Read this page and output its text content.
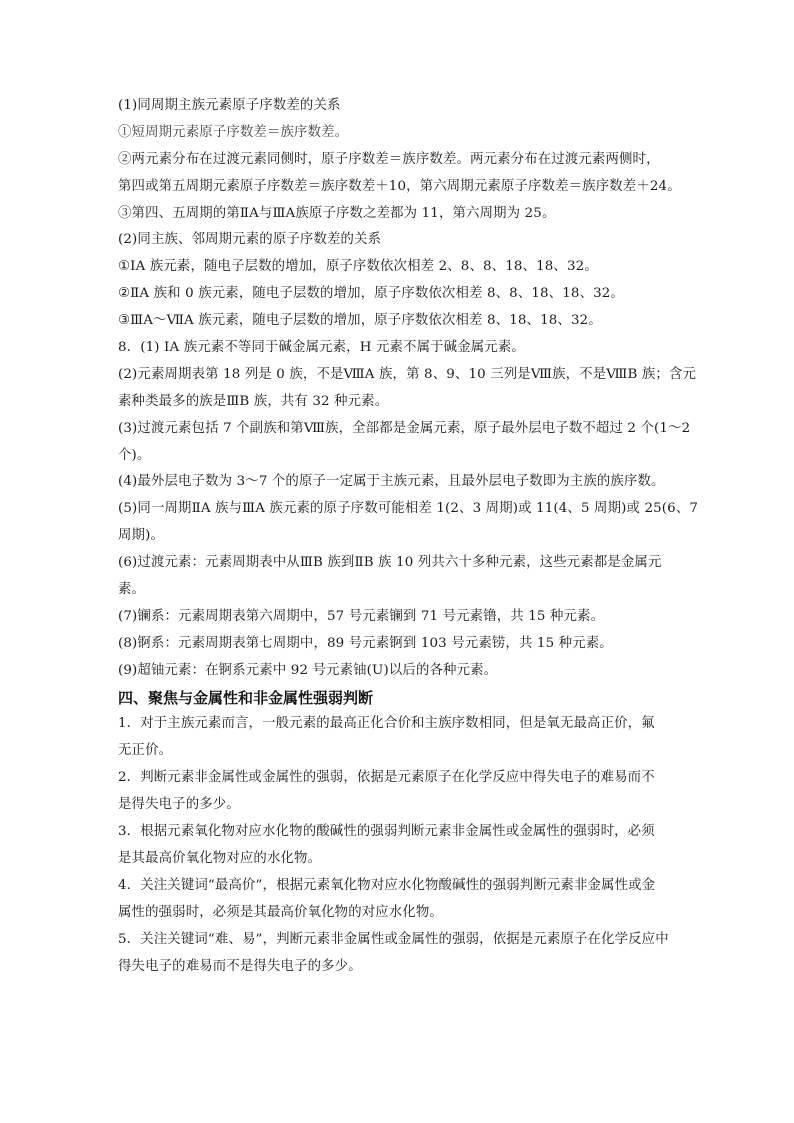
(1)同周期主族元素原子序数差的关系
①短周期元素原子序数差＝族序数差。
②两元素分布在过渡元素同侧时，原子序数差＝族序数差。两元素分布在过渡元素两侧时，
第四或第五周期元素原子序数差＝族序数差＋10，第六周期元素原子序数差＝族序数差＋24。
③第四、五周期的第ⅡA与ⅢA族原子序数之差都为 11，第六周期为 25。
(2)同主族、邻周期元素的原子序数差的关系
①ⅠA 族元素，随电子层数的增加，原子序数依次相差 2、8、8、18、18、32。
②ⅡA 族和 0 族元素，随电子层数的增加，原子序数依次相差 8、8、18、18、32。
③ⅢA～ⅦA 族元素，随电子层数的增加，原子序数依次相差 8、18、18、32。
8．(1) ⅠA 族元素不等同于碱金属元素，H 元素不属于碱金属元素。
(2)元素周期表第 18 列是 0 族，不是ⅧA 族，第 8、9、10 三列是Ⅷ族，不是ⅧB 族；含元
素种类最多的族是ⅢB 族，共有 32 种元素。
(3)过渡元素包括 7 个副族和第Ⅷ族，全部都是金属元素，原子最外层电子数不超过 2 个(1～2
个)。
(4)最外层电子数为 3～7 个的原子一定属于主族元素，且最外层电子数即为主族的族序数。
(5)同一周期ⅡA 族与ⅢA 族元素的原子序数可能相差 1(2、3 周期)或 11(4、5 周期)或 25(6、7
周期)。
(6)过渡元素：元素周期表中从ⅢB 族到ⅡB 族 10 列共六十多种元素，这些元素都是金属元
素。
(7)镧系：元素周期表第六周期中，57 号元素镧到 71 号元素镥，共 15 种元素。
(8)锕系：元素周期表第七周期中，89 号元素锕到 103 号元素铹，共 15 种元素。
(9)超铀元素：在锕系元素中 92 号元素铀(U)以后的各种元素。
四、聚焦与金属性和非金属性强弱判断
1．对于主族元素而言，一般元素的最高正化合价和主族序数相同，但是氧无最高正价，氟
无正价。
2．判断元素非金属性或金属性的强弱，依据是元素原子在化学反应中得失电子的难易而不
是得失电子的多少。
3．根据元素氧化物对应水化物的酸碱性的强弱判断元素非金属性或金属性的强弱时，必须
是其最高价氧化物对应的水化物。
4．关注关键词“最高价”，根据元素氧化物对应水化物酸碱性的强弱判断元素非金属性或金
属性的强弱时，必须是其最高价氧化物的对应水化物。
5．关注关键词“难、易”，判断元素非金属性或金属性的强弱，依据是元素原子在化学反应中
得失电子的难易而不是得失电子的多少。
